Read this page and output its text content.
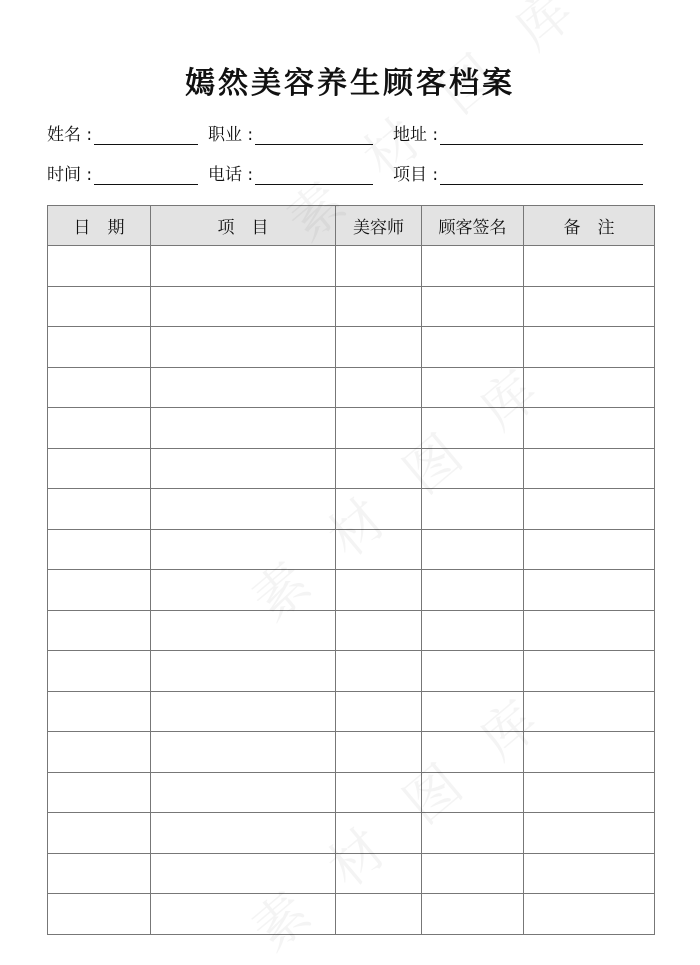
嫣然美容养生顾客档案
姓名 :	职业 :	地址 :
时间 :	电话 :	项目 :
日　期	项　目	美容师	顾客签名	备　注
